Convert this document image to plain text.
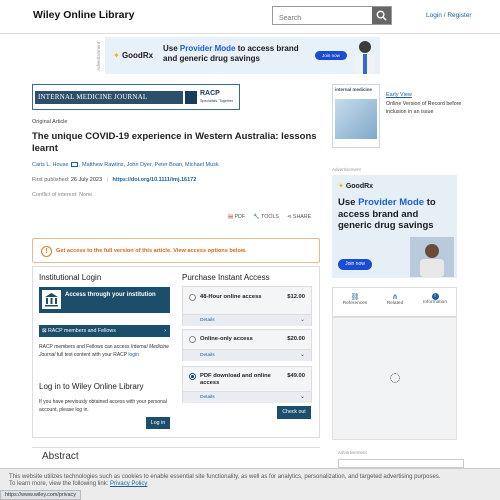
Wiley Online Library
Search	Login / Register
Advertisement ✦ GoodRx
Use Provider Mode to access brand and generic drug savings	Join now
INTERNAL MEDICINE JOURNAL	RACP
Specialists. Together
internal medicine
Early View
Online Version of Record before inclusion in an issue
Original Article
The unique COVID-19 experience in Western Australia: lessons learnt
Caris L. House , Matthew Rawlins, John Dyer, Peter Boan, Michael Musk
First published: 26 July 2023 | https://doi.org/10.1111/imj.16172
Conflict of interest: None.
▤ PDF 🔧 TOOLS ⋖ SHARE
!	Get access to the full version of this article. View access options below.
Institutional Login
Access through your institution
⊠ RACP members and Fellows	›
RACP members and Fellows can access Internal Medicine Journal full text content with your RACP login
Log in to Wiley Online Library
If you have previously obtained access with your personal account, please log in.
Log in
Purchase Instant Access
48-Hour online access	$12.00
Details	⌄
Online-only access	$20.00
Details	⌄
PDF download and online access
$49.00
Details	⌄
Check out
Abstract
Advertisement
✦ GoodRx
Use Provider Mode to access brand and generic drug savings
Join now
⛓
References
⋔
Related
i
Information
Advertisement
This website utilizes technologies such as cookies to enable essential site functionality, as well as for analytics, personalization, and targeted advertising purposes.
To learn more, view the following link: Privacy Policy
https://www.wiley.com/privacy
